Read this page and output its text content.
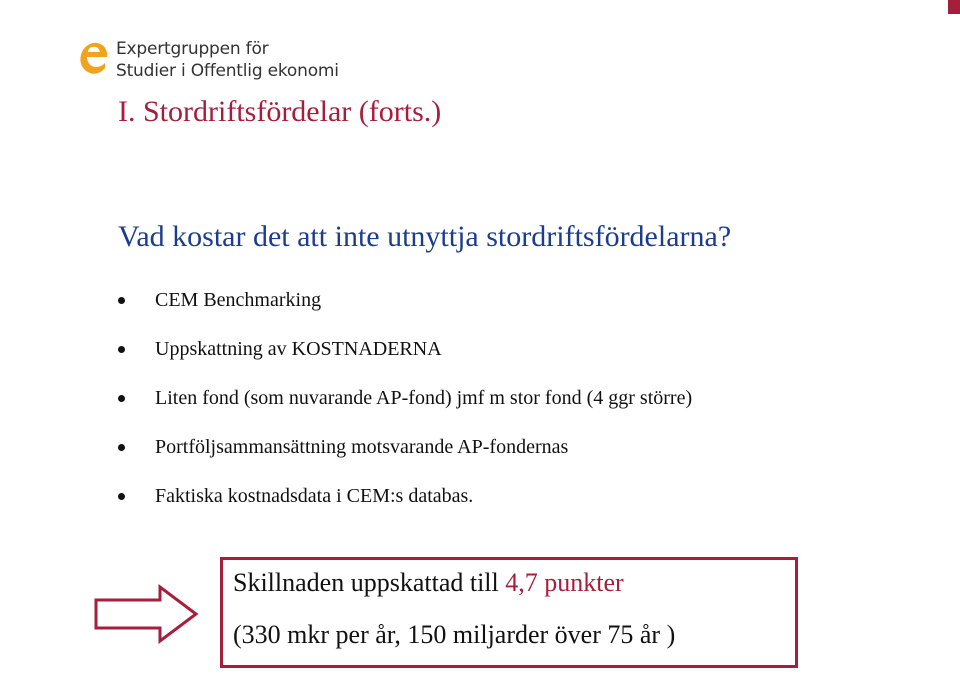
Expertgruppen för
Studier i Offentlig ekonomi
I. Stordriftsfördelar (forts.)

Vad kostar det att inte utnyttja stordriftsfördelarna?

CEM Benchmarking
Uppskattning av KOSTNADERNA
Liten fond (som nuvarande AP-fond) jmf m stor fond (4 ggr större)
Portföljsammansättning motsvarande AP-fondernas
Faktiska kostnadsdata i CEM:s databas.

Skillnaden uppskattad till 4,7 punkter

(330 mkr per år, 150 miljarder över 75 år )
